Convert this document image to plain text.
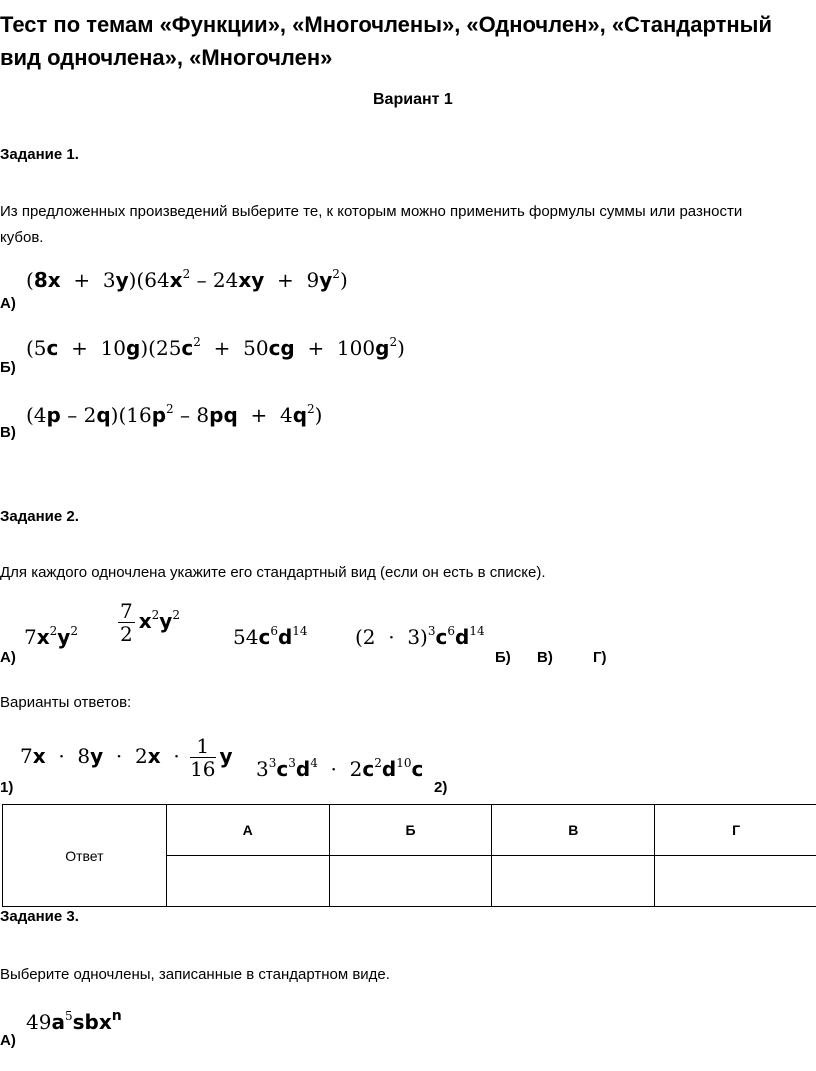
Тест по темам «Функции», «Многочлены», «Одночлен», «Стандартный вид одночлена», «Многочлен»
Вариант 1
Задание 1.
Из предложенных произведений выберите те, к которым можно применить формулы суммы или разности кубов.
А)
$(8x + 3y)(64x^2 - 24xy + 9y^2)$
Б)
$(5c + 10g)(25c^2 + 50cg + 100g^2)$
В)
$(4p - 2q)(16p^2 - 8pq + 4q^2)$
Задание 2.
Для каждого одночлена укажите его стандартный вид (если он есть в списке).
А)
$7x^2y^2 \frac{7}{2} x^2y^2$
$54c^6d^{14}$ $(2 \cdot 3)^3c^6d^{14}$
Б) В)	Г)
Варианты ответов:
1)
$7x \cdot 8y \cdot 2x \cdot \frac{1}{16}$ y
$3^3c^3d^4 \cdot 2c^2d^{10}c$
2)
Ответ	А	Б	В	Г

Задание 3.
Выберите одночлены, записанные в стандартном виде.
А)
$49a^5sbx^n$
